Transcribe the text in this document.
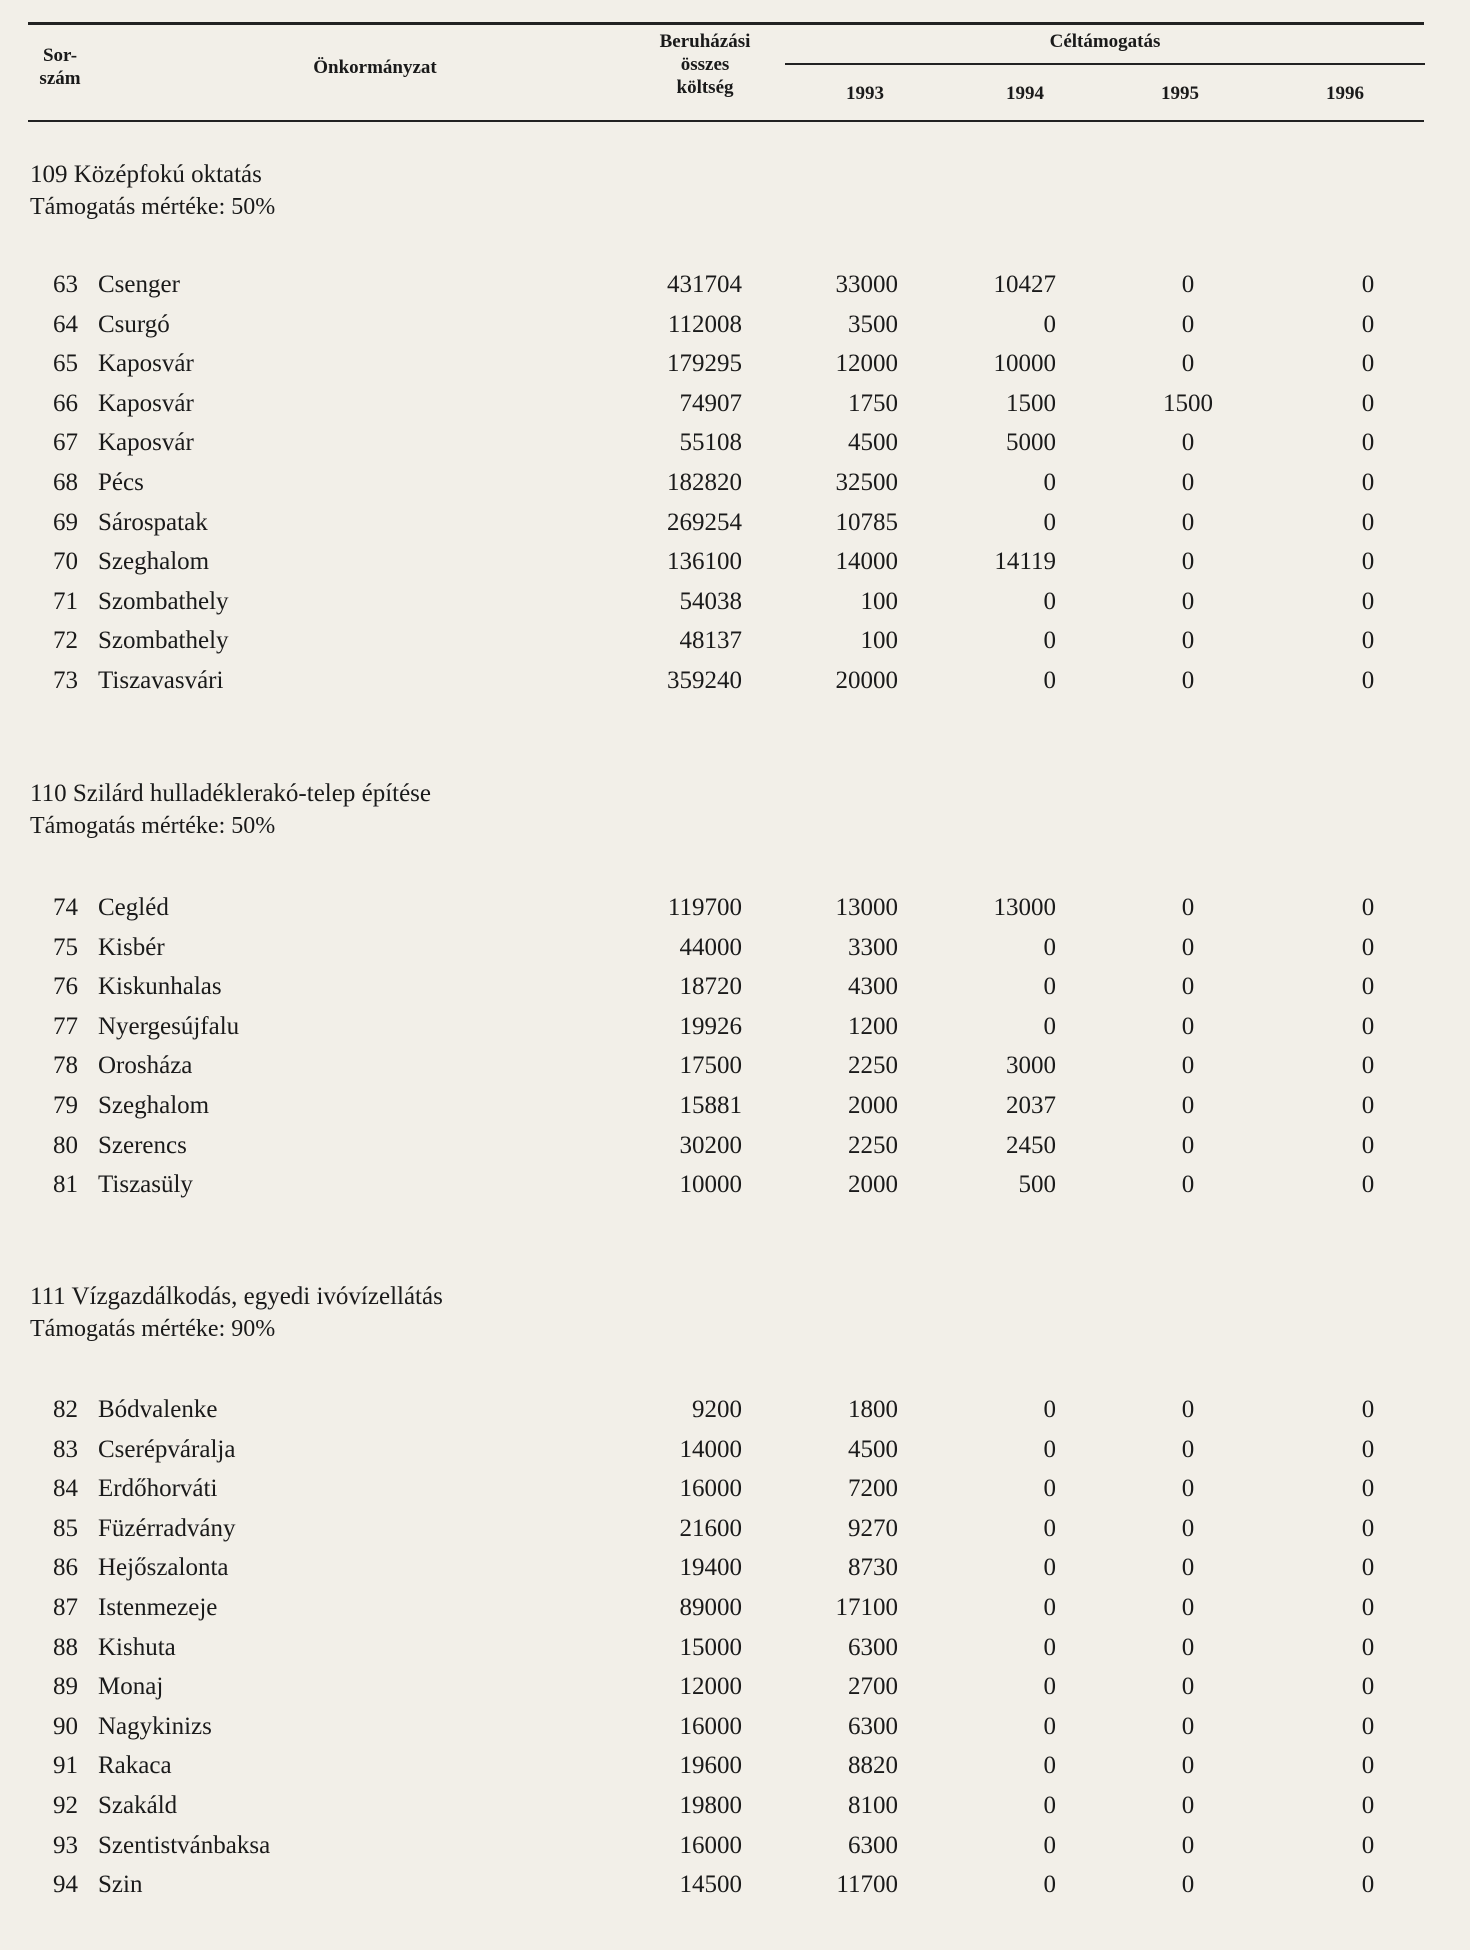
Sor-
szám
Önkormányzat
Beruházási
összes
költség
Céltámogatás
1993	1994	1995	1996
109 Középfokú oktatás
Támogatás mértéke: 50%
63 Csenger	431704	33000	10427	0	0
64 Csurgó	112008	3500	0	0	0
65 Kaposvár	179295	12000	10000	0	0
66 Kaposvár	74907	1750	1500	1500	0
67 Kaposvár	55108	4500	5000	0	0
68 Pécs	182820	32500	0	0	0
69 Sárospatak	269254	10785	0	0	0
70 Szeghalom	136100	14000	14119	0	0
71 Szombathely	54038	100	0	0	0
72 Szombathely	48137	100	0	0	0
73 Tiszavasvári	359240	20000	0	0	0
110 Szilárd hulladéklerakó-telep építése
Támogatás mértéke: 50%
74 Cegléd	119700	13000	13000	0	0
75 Kisbér	44000	3300	0	0	0
76 Kiskunhalas	18720	4300	0	0	0
77 Nyergesújfalu	19926	1200	0	0	0
78 Orosháza	17500	2250	3000	0	0
79 Szeghalom	15881	2000	2037	0	0
80 Szerencs	30200	2250	2450	0	0
81 Tiszasüly	10000	2000	500	0	0
111 Vízgazdálkodás, egyedi ivóvízellátás
Támogatás mértéke: 90%
82 Bódvalenke	9200	1800	0	0	0
83 Cserépváralja	14000	4500	0	0	0
84 Erdőhorváti	16000	7200	0	0	0
85 Füzérradvány	21600	9270	0	0	0
86 Hejőszalonta	19400	8730	0	0	0
87 Istenmezeje	89000	17100	0	0	0
88 Kishuta	15000	6300	0	0	0
89 Monaj	12000	2700	0	0	0
90 Nagykinizs	16000	6300	0	0	0
91 Rakaca	19600	8820	0	0	0
92 Szakáld	19800	8100	0	0	0
93 Szentistvánbaksa	16000	6300	0	0	0
94 Szin	14500	11700	0	0	0
